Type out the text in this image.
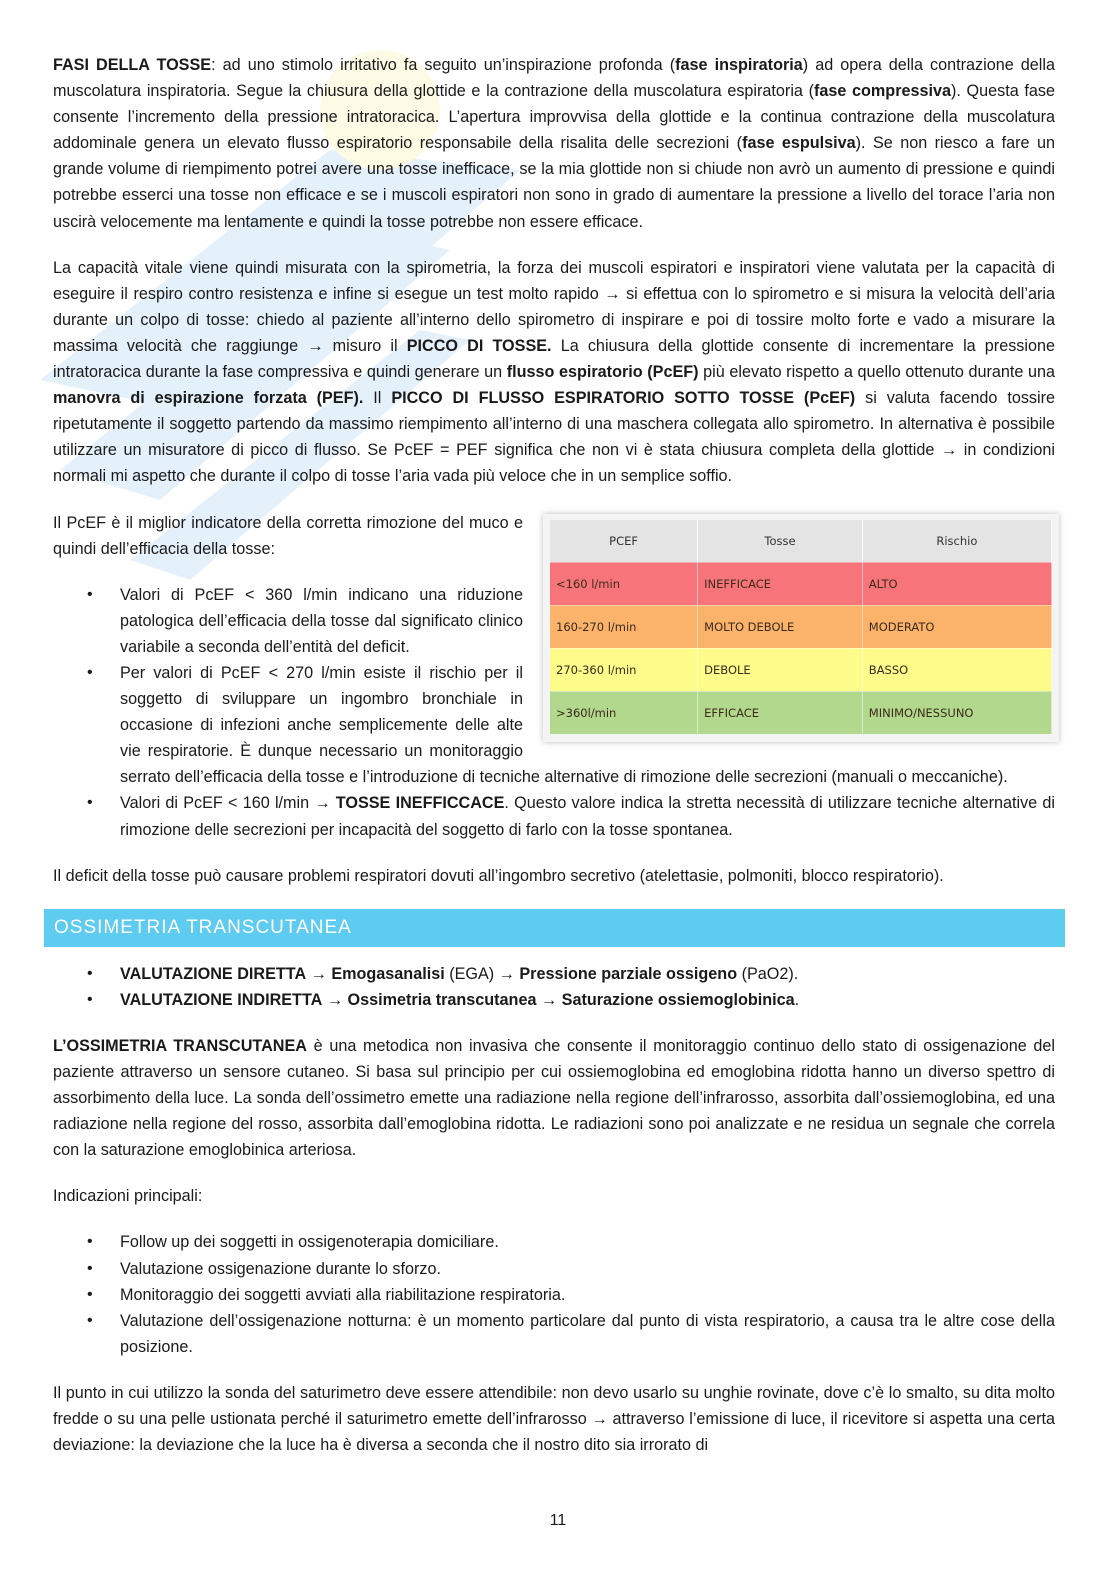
FASI DELLA TOSSE: ad uno stimolo irritativo fa seguito un’inspirazione profonda (fase inspiratoria) ad opera della contrazione della muscolatura inspiratoria. Segue la chiusura della glottide e la contrazione della muscolatura espiratoria (fase compressiva). Questa fase consente l’incremento della pressione intratoracica. L’apertura improvvisa della glottide e la continua contrazione della muscolatura addominale genera un elevato flusso espiratorio responsabile della risalita delle secrezioni (fase espulsiva). Se non riesco a fare un grande volume di riempimento potrei avere una tosse inefficace, se la mia glottide non si chiude non avrò un aumento di pressione e quindi potrebbe esserci una tosse non efficace e se i muscoli espiratori non sono in grado di aumentare la pressione a livello del torace l’aria non uscirà velocemente ma lentamente e quindi la tosse potrebbe non essere efficace.

La capacità vitale viene quindi misurata con la spirometria, la forza dei muscoli espiratori e inspiratori viene valutata per la capacità di eseguire il respiro contro resistenza e infine si esegue un test molto rapido → si effettua con lo spirometro e si misura la velocità dell’aria durante un colpo di tosse: chiedo al paziente all’interno dello spirometro di inspirare e poi di tossire molto forte e vado a misurare la massima velocità che raggiunge → misuro il PICCO DI TOSSE. La chiusura della glottide consente di incrementare la pressione intratoracica durante la fase compressiva e quindi generare un flusso espiratorio (PcEF) più elevato rispetto a quello ottenuto durante una manovra di espirazione forzata (PEF). Il PICCO DI FLUSSO ESPIRATORIO SOTTO TOSSE (PcEF) si valuta facendo tossire ripetutamente il soggetto partendo da massimo riempimento all’interno di una maschera collegata allo spirometro. In alternativa è possibile utilizzare un misuratore di picco di flusso. Se PcEF = PEF significa che non vi è stata chiusura completa della glottide → in condizioni normali mi aspetto che durante il colpo di tosse l’aria vada più veloce che in un semplice soffio.

PCEF	Tosse	Rischio
<160 l/min	INEFFICACE	ALTO
160-270 l/min	MOLTO DEBOLE	MODERATO
270-360 l/min	DEBOLE	BASSO
>360l/min	EFFICACE	MINIMO/NESSUNO

Il PcEF è il miglior indicatore della corretta rimozione del muco e quindi dell’efficacia della tosse:

• Valori di PcEF < 360 l/min indicano una riduzione patologica dell’efficacia della tosse dal significato clinico variabile a seconda dell’entità del deficit.
• Per valori di PcEF < 270 l/min esiste il rischio per il soggetto di sviluppare un ingombro bronchiale in occasione di infezioni anche semplicemente delle alte vie respiratorie. È dunque necessario un monitoraggio serrato dell’efficacia della tosse e l’introduzione di tecniche alternative di rimozione delle secrezioni (manuali o meccaniche).
• Valori di PcEF < 160 l/min → TOSSE INEFFICCACE. Questo valore indica la stretta necessità di utilizzare tecniche alternative di rimozione delle secrezioni per incapacità del soggetto di farlo con la tosse spontanea.

Il deficit della tosse può causare problemi respiratori dovuti all’ingombro secretivo (atelettasie, polmoniti, blocco respiratorio).

OSSIMETRIA TRANSCUTANEA
• VALUTAZIONE DIRETTA → Emogasanalisi (EGA) → Pressione parziale ossigeno (PaO2).
• VALUTAZIONE INDIRETTA → Ossimetria transcutanea → Saturazione ossiemoglobinica.

L’OSSIMETRIA TRANSCUTANEA è una metodica non invasiva che consente il monitoraggio continuo dello stato di ossigenazione del paziente attraverso un sensore cutaneo. Si basa sul principio per cui ossiemoglobina ed emoglobina ridotta hanno un diverso spettro di assorbimento della luce. La sonda dell’ossimetro emette una radiazione nella regione dell’infrarosso, assorbita dall’ossiemoglobina, ed una radiazione nella regione del rosso, assorbita dall’emoglobina ridotta. Le radiazioni sono poi analizzate e ne residua un segnale che correla con la saturazione emoglobinica arteriosa.

Indicazioni principali:

• Follow up dei soggetti in ossigenoterapia domiciliare.
• Valutazione ossigenazione durante lo sforzo.
• Monitoraggio dei soggetti avviati alla riabilitazione respiratoria.
• Valutazione dell’ossigenazione notturna: è un momento particolare dal punto di vista respiratorio, a causa tra le altre cose della posizione.

Il punto in cui utilizzo la sonda del saturimetro deve essere attendibile: non devo usarlo su unghie rovinate, dove c’è lo smalto, su dita molto fredde o su una pelle ustionata perché il saturimetro emette dell’infrarosso → attraverso l’emissione di luce, il ricevitore si aspetta una certa deviazione: la deviazione che la luce ha è diversa a seconda che il nostro dito sia irrorato di

11
